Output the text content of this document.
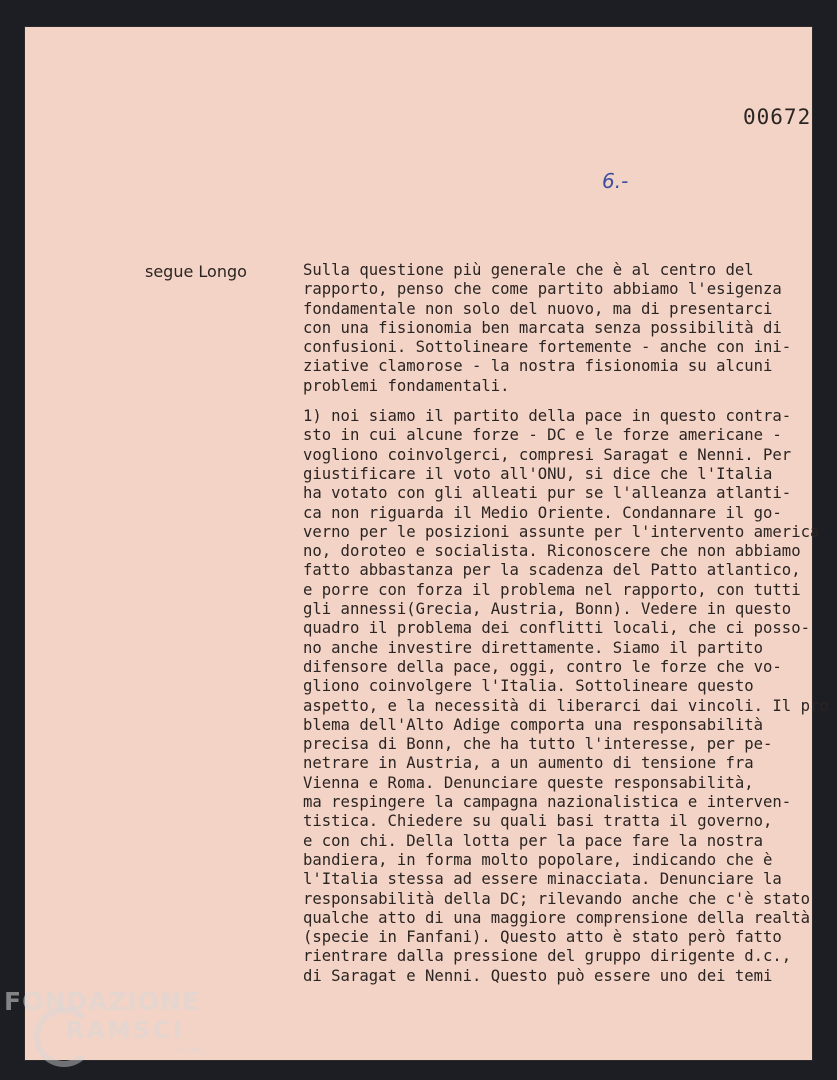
00672
6.-
segue Longo	Sulla questione più generale che è al centro del
rapporto, penso che come partito abbiamo l'esigenza
fondamentale non solo del nuovo, ma di presentarci
con una fisionomia ben marcata senza possibilità di
confusioni. Sottolineare fortemente - anche con ini-
ziative clamorose - la nostra fisionomia su alcuni
problemi fondamentali.
1) noi siamo il partito della pace in questo contra-
sto in cui alcune forze - DC e le forze americane -
vogliono coinvolgerci, compresi Saragat e Nenni. Per
giustificare il voto all'ONU, si dice che l'Italia
ha votato con gli alleati pur se l'alleanza atlanti-
ca non riguarda il Medio Oriente. Condannare il go-
verno per le posizioni assunte per l'intervento america
no, doroteo e socialista. Riconoscere che non abbiamo
fatto abbastanza per la scadenza del Patto atlantico,
e porre con forza il problema nel rapporto, con tutti
gli annessi(Grecia, Austria, Bonn). Vedere in questo
quadro il problema dei conflitti locali, che ci posso-
no anche investire direttamente. Siamo il partito
difensore della pace, oggi, contro le forze che vo-
gliono coinvolgere l'Italia. Sottolineare questo
aspetto, e la necessità di liberarci dai vincoli. Il pro
blema dell'Alto Adige comporta una responsabilità
precisa di Bonn, che ha tutto l'interesse, per pe-
netrare in Austria, a un aumento di tensione fra
Vienna e Roma. Denunciare queste responsabilità,
ma respingere la campagna nazionalistica e interven-
tistica. Chiedere su quali basi tratta il governo,
e con chi. Della lotta per la pace fare la nostra
bandiera, in forma molto popolare, indicando che è
l'Italia stessa ad essere minacciata. Denunciare la
responsabilità della DC; rilevando anche che c'è stato
qualche atto di una maggiore comprensione della realtà
(specie in Fanfani). Questo atto è stato però fatto
rientrare dalla pressione del gruppo dirigente d.c.,
di Saragat e Nenni. Questo può essere uno dei temi
FONDAZIONE
RAMSCI
onlus
